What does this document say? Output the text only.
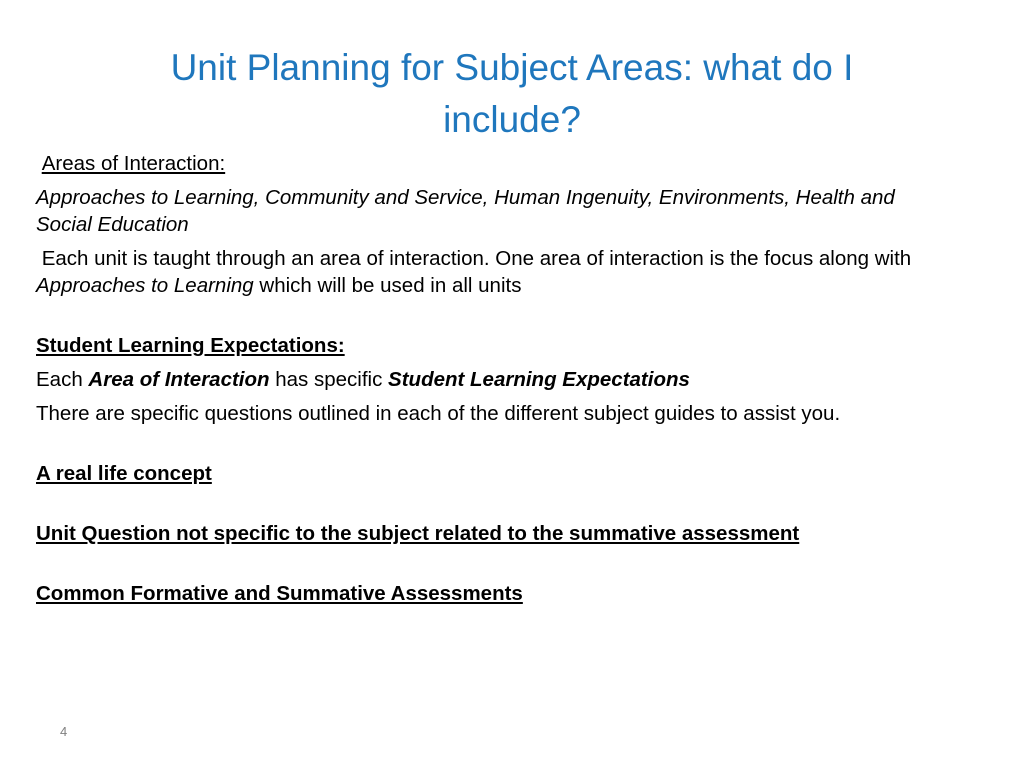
Unit Planning for Subject Areas: what do I include?

Areas of Interaction:

Approaches to Learning, Community and Service, Human Ingenuity, Environments, Health and Social Education

Each unit is taught through an area of interaction. One area of interaction is the focus along with Approaches to Learning which will be used in all units

Student Learning Expectations:

Each Area of Interaction has specific Student Learning Expectations

There are specific questions outlined in each of the different subject guides to assist you.

A real life concept

Unit Question not specific to the subject related to the summative assessment

Common Formative and Summative Assessments

4
